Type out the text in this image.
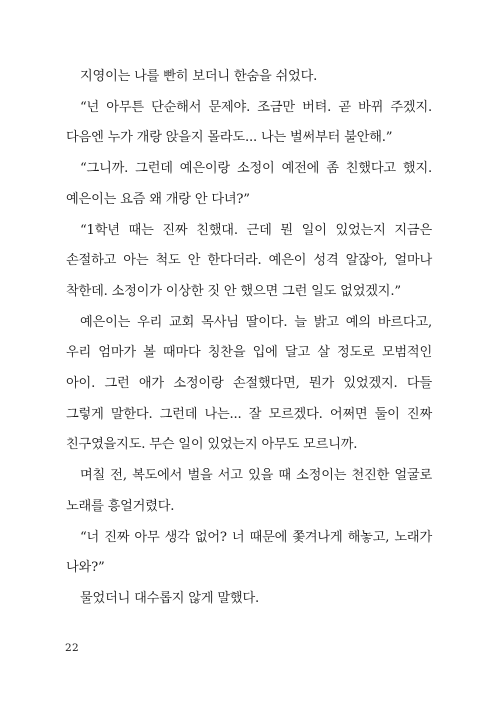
지영이는 나를 빤히 보더니 한숨을 쉬었다.

“넌 아무튼 단순해서 문제야. 조금만 버텨. 곧 바뀌 주겠지. 다음엔 누가 개랑 앉을지 몰라도... 나는 벌써부터 불안해.”

“그니까. 그런데 예은이랑 소정이 예전에 좀 친했다고 했지. 예은이는 요즘 왜 개랑 안 다녀?”

“1학년 때는 진짜 친했대. 근데 뭔 일이 있었는지 지금은 손절하고 아는 척도 안 한다더라. 예은이 성격 알잖아, 얼마나 착한데. 소정이가 이상한 짓 안 했으면 그런 일도 없었겠지.”

예은이는 우리 교회 목사님 딸이다. 늘 밝고 예의 바르다고, 우리 엄마가 볼 때마다 칭찬을 입에 달고 살 정도로 모범적인 아이. 그런 애가 소정이랑 손절했다면, 뭔가 있었겠지. 다들 그렇게 말한다. 그런데 나는... 잘 모르겠다. 어쩌면 둘이 진짜 친구였을지도. 무슨 일이 있었는지 아무도 모르니까.

며칠 전, 복도에서 벌을 서고 있을 때 소정이는 천진한 얼굴로 노래를 흥얼거렸다.

“너 진짜 아무 생각 없어? 너 때문에 쫓겨나게 해놓고, 노래가 나와?”

물었더니 대수롭지 않게 말했다.

22
